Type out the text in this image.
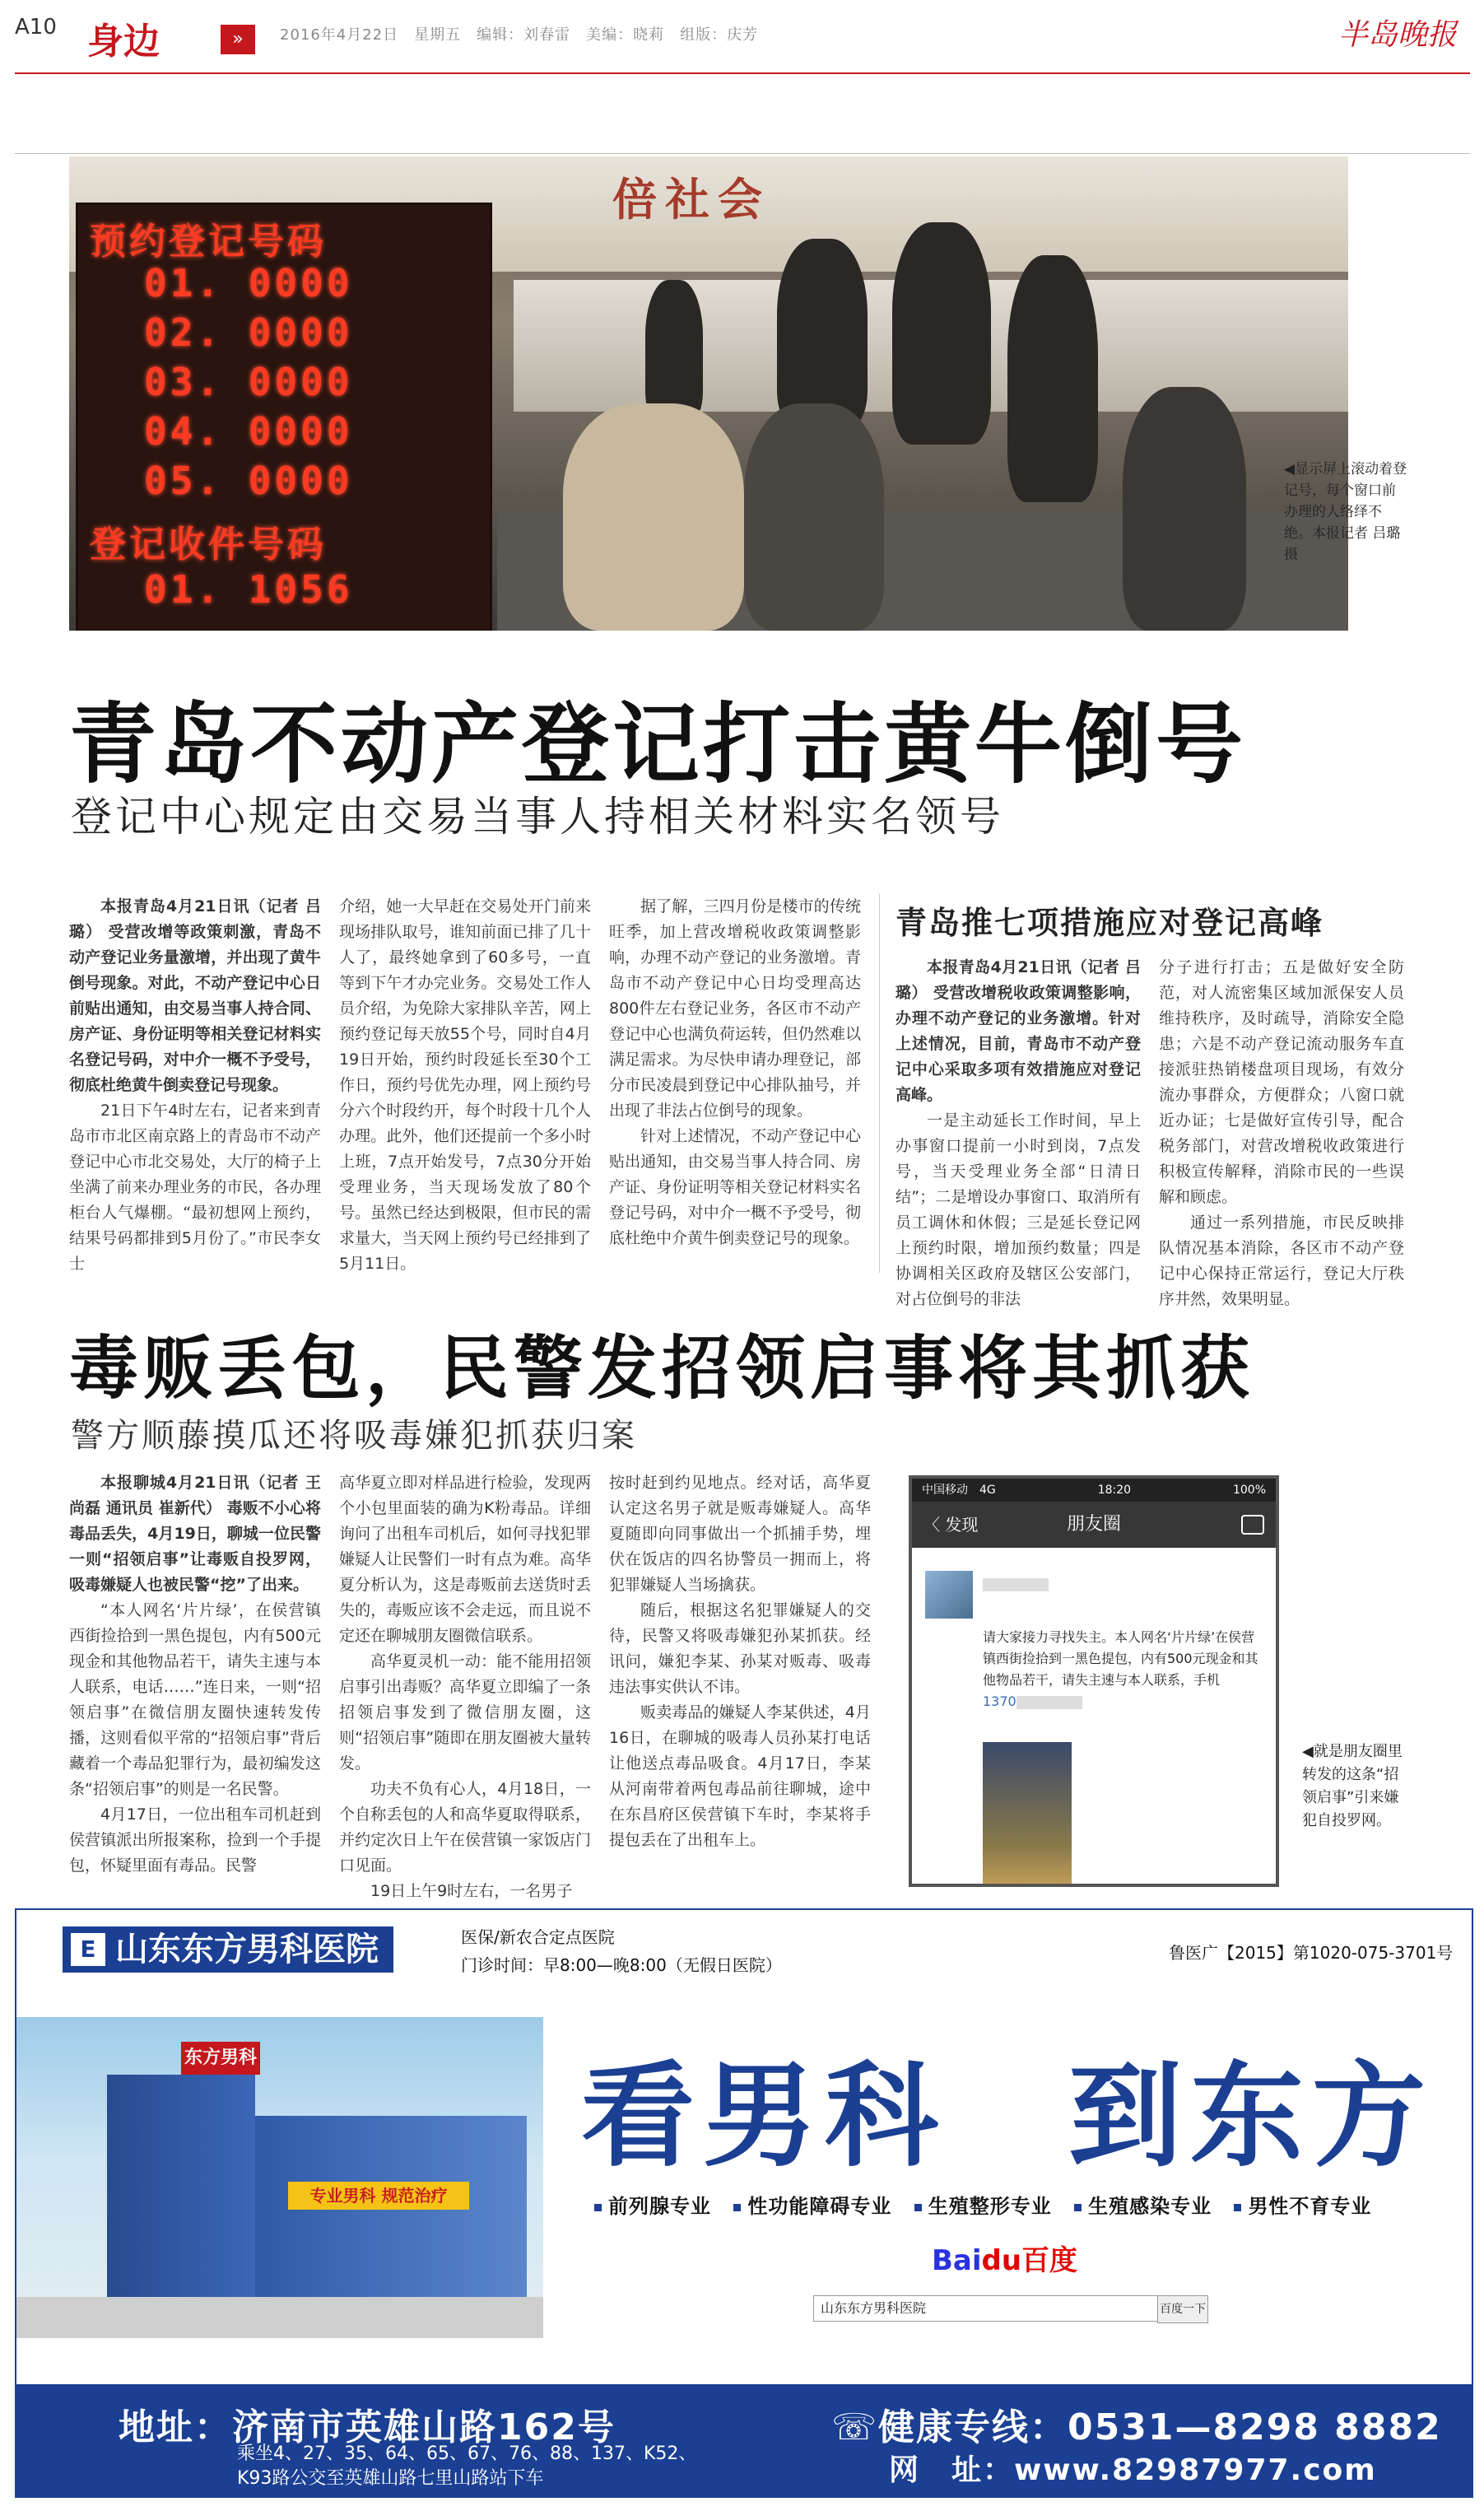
A10 身边	»	2016年4月22日　星期五　编辑：刘春雷　美编：晓莉　组版：庆芳	半岛晚报
倍社会
预约登记号码
01. 0000
02. 0000
03. 0000
04. 0000
05. 0000
登记收件号码
01. 1056
◀显示屏上滚动着登记号，每个窗口前办理的人络绎不绝。本报记者 吕璐 摄
青岛不动产登记打击黄牛倒号
登记中心规定由交易当事人持相关材料实名领号

本报青岛4月21日讯（记者 吕璐） 受营改增等政策刺激，青岛不动产登记业务量激增，并出现了黄牛倒号现象。对此，不动产登记中心日前贴出通知，由交易当事人持合同、房产证、身份证明等相关登记材料实名登记号码，对中介一概不予受号，彻底杜绝黄牛倒卖登记号现象。

21日下午4时左右，记者来到青岛市市北区南京路上的青岛市不动产登记中心市北交易处，大厅的椅子上坐满了前来办理业务的市民，各办理柜台人气爆棚。“最初想网上预约，结果号码都排到5月份了。”市民李女士

介绍，她一大早赶在交易处开门前来现场排队取号，谁知前面已排了几十人了，最终她拿到了60多号，一直等到下午才办完业务。交易处工作人员介绍，为免除大家排队辛苦，网上预约登记每天放55个号，同时自4月19日开始，预约时段延长至30个工作日，预约号优先办理，网上预约号分六个时段约开，每个时段十几个人办理。此外，他们还提前一个多小时上班，7点开始发号，7点30分开始受理业务，当天现场发放了80个号。虽然已经达到极限，但市民的需求量大，当天网上预约号已经排到了5月11日。

据了解，三四月份是楼市的传统旺季，加上营改增税收政策调整影响，办理不动产登记的业务激增。青岛市不动产登记中心日均受理高达800件左右登记业务，各区市不动产登记中心也满负荷运转，但仍然难以满足需求。为尽快申请办理登记，部分市民凌晨到登记中心排队抽号，并出现了非法占位倒号的现象。

针对上述情况，不动产登记中心贴出通知，由交易当事人持合同、房产证、身份证明等相关登记材料实名登记号码，对中介一概不予受号，彻底杜绝中介黄牛倒卖登记号的现象。

青岛推七项措施应对登记高峰

本报青岛4月21日讯（记者 吕璐） 受营改增税收政策调整影响，办理不动产登记的业务激增。针对上述情况，目前，青岛市不动产登记中心采取多项有效措施应对登记高峰。

一是主动延长工作时间，早上办事窗口提前一小时到岗，7点发号，当天受理业务全部“日清日结”；二是增设办事窗口、取消所有员工调休和休假；三是延长登记网上预约时限，增加预约数量；四是协调相关区政府及辖区公安部门，对占位倒号的非法

分子进行打击；五是做好安全防范，对人流密集区域加派保安人员维持秩序，及时疏导，消除安全隐患；六是不动产登记流动服务车直接派驻热销楼盘项目现场，有效分流办事群众，方便群众；八窗口就近办证；七是做好宣传引导，配合税务部门，对营改增税收政策进行积极宣传解释，消除市民的一些误解和顾虑。

通过一系列措施，市民反映排队情况基本消除，各区市不动产登记中心保持正常运行，登记大厅秩序井然，效果明显。

毒贩丢包，民警发招领启事将其抓获
警方顺藤摸瓜还将吸毒嫌犯抓获归案

本报聊城4月21日讯（记者 王尚磊 通讯员 崔新代） 毒贩不小心将毒品丢失，4月19日，聊城一位民警一则“招领启事”让毒贩自投罗网，吸毒嫌疑人也被民警“挖”了出来。

“本人网名‘片片绿’，在侯营镇西街捡拾到一黑色提包，内有500元现金和其他物品若干，请失主速与本人联系，电话……”连日来，一则“招领启事”在微信朋友圈快速转发传播，这则看似平常的“招领启事”背后藏着一个毒品犯罪行为，最初编发这条“招领启事”的则是一名民警。

4月17日，一位出租车司机赶到侯营镇派出所报案称，捡到一个手提包，怀疑里面有毒品。民警

高华夏立即对样品进行检验，发现两个小包里面装的确为K粉毒品。详细询问了出租车司机后，如何寻找犯罪嫌疑人让民警们一时有点为难。高华夏分析认为，这是毒贩前去送货时丢失的，毒贩应该不会走远，而且说不定还在聊城朋友圈微信联系。

高华夏灵机一动：能不能用招领启事引出毒贩？高华夏立即编了一条招领启事发到了微信朋友圈，这则“招领启事”随即在朋友圈被大量转发。

功夫不负有心人，4月18日，一个自称丢包的人和高华夏取得联系，并约定次日上午在侯营镇一家饭店门口见面。

19日上午9时左右，一名男子

按时赶到约见地点。经对话，高华夏认定这名男子就是贩毒嫌疑人。高华夏随即向同事做出一个抓捕手势，埋伏在饭店的四名协警员一拥而上，将犯罪嫌疑人当场擒获。

随后，根据这名犯罪嫌疑人的交待，民警又将吸毒嫌犯孙某抓获。经讯问，嫌犯李某、孙某对贩毒、吸毒违法事实供认不讳。

贩卖毒品的嫌疑人李某供述，4月16日，在聊城的吸毒人员孙某打电话让他送点毒品吸食。4月17日，李某从河南带着两包毒品前往聊城，途中在东昌府区侯营镇下车时，李某将手提包丢在了出租车上。

中国移动　4G	18:20	100%
〈 发现	朋友圈
请大家接力寻找失主。本人网名‘片片绿’在侯营镇西街捡拾到一黑色提包，内有500元现金和其他物品若干，请失主速与本人联系，手机
1370
◀就是朋友圈里转发的这条“招领启事”引来嫌犯自投罗网。
E 山东东方男科医院	医保/新农合定点医院
门诊时间：早8:00—晚8:00（无假日医院）
鲁医广【2015】第1020-075-3701号
东方男科
专业男科 规范治疗
看男科　到东方
前列腺专业 性功能障碍专业 生殖整形专业 生殖感染专业 男性不育专业
Baidu百度
山东东方男科医院	百度一下
地址：济南市英雄山路162号
乘坐4、27、35、64、65、67、76、88、137、K52、
K93路公交至英雄山路七里山路站下车
☏健康专线：0531—8298 8882
网　址：www.82987977.com
